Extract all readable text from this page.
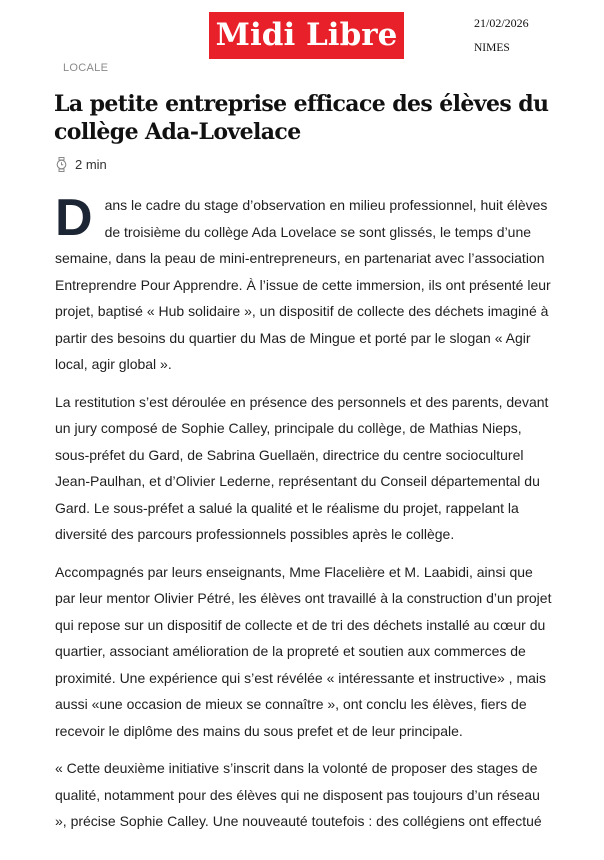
Midi Libre	21/02/2026
NIMES
LOCALE
La petite entreprise efficace des élèves du collège Ada-Lovelace
2 min

Dans le cadre du stage d’observation en milieu professionnel, huit élèves de troisième du collège Ada Lovelace se sont glissés, le temps d’une semaine, dans la peau de mini-entrepreneurs, en partenariat avec l’association Entreprendre Pour Apprendre. À l’issue de cette immersion, ils ont présenté leur projet, baptisé « Hub solidaire », un dispositif de collecte des déchets imaginé à partir des besoins du quartier du Mas de Mingue et porté par le slogan « Agir local, agir global ».

La restitution s’est déroulée en présence des personnels et des parents, devant un jury composé de Sophie Calley, principale du collège, de Mathias Nieps, sous-préfet du Gard, de Sabrina Guellaën, directrice du centre socioculturel Jean-Paulhan, et d’Olivier Lederne, représentant du Conseil départemental du Gard. Le sous-préfet a salué la qualité et le réalisme du projet, rappelant la diversité des parcours professionnels possibles après le collège.

Accompagnés par leurs enseignants, Mme Flacelière et M. Laabidi, ainsi que par leur mentor Olivier Pétré, les élèves ont travaillé à la construction d’un projet qui repose sur un dispositif de collecte et de tri des déchets installé au cœur du quartier, associant amélioration de la propreté et soutien aux commerces de proximité. Une expérience qui s’est révélée « intéressante et instructive» , mais aussi «une occasion de mieux se connaître », ont conclu les élèves, fiers de recevoir le diplôme des mains du sous prefet et de leur principale.

« Cette deuxième initiative s’inscrit dans la volonté de proposer des stages de qualité, notamment pour des élèves qui ne disposent pas toujours d’un réseau », précise Sophie Calley. Une nouveauté toutefois : des collégiens ont effectué
